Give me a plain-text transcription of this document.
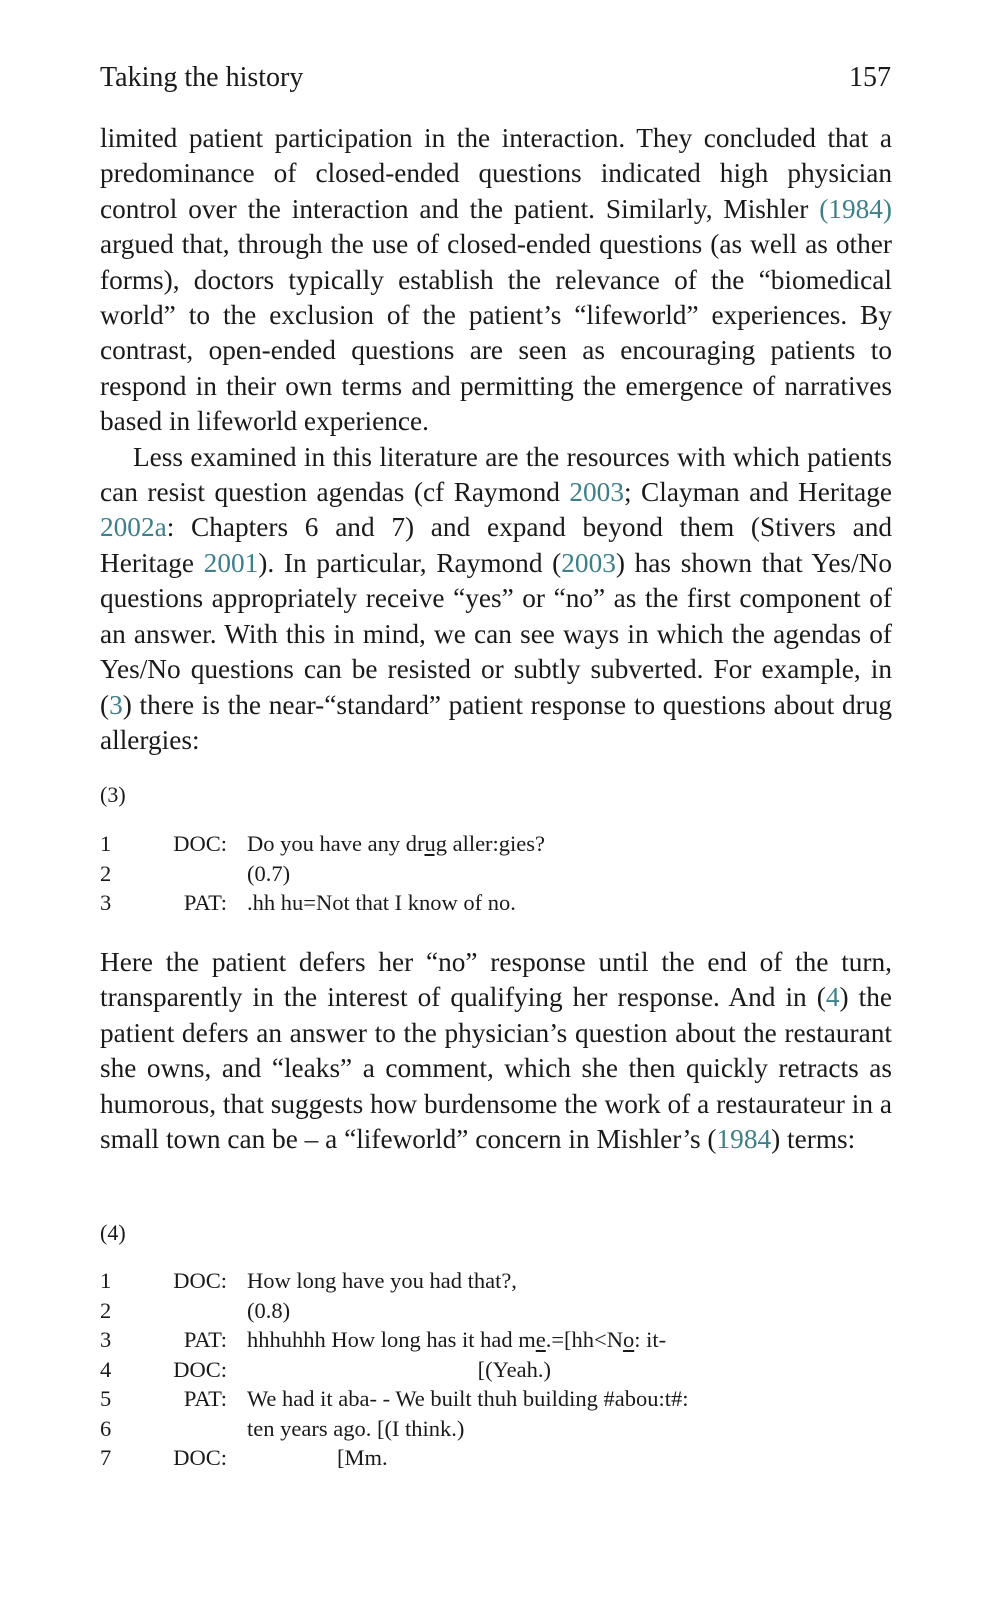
Taking the history	157

limited patient participation in the interaction. They concluded that a predominance of closed-ended questions indicated high physician control over the interaction and the patient. Similarly, Mishler (1984) argued that, through the use of closed-ended questions (as well as other forms), doctors typically establish the relevance of the “biomedical world” to the exclusion of the patient’s “lifeworld” experiences. By contrast, open-ended questions are seen as encouraging patients to respond in their own terms and permitting the emergence of narratives based in lifeworld experience.

Less examined in this literature are the resources with which patients can resist question agendas (cf Raymond 2003; Clayman and Heritage 2002a: Chapters 6 and 7) and expand beyond them (Stivers and Heritage 2001). In particular, Raymond (2003) has shown that Yes/No questions appropriately receive “yes” or “no” as the first component of an answer. With this in mind, we can see ways in which the agendas of Yes/No questions can be resisted or subtly subverted. For example, in (3) there is the near-“standard” patient response to questions about drug allergies:

(3)
1	DOC: Do you have any drug aller:gies?
2	(0.7)
3	PAT: .hh hu=Not that I know of no.

Here the patient defers her “no” response until the end of the turn, transparently in the interest of qualifying her response. And in (4) the patient defers an answer to the physician’s question about the restaurant she owns, and “leaks” a comment, which she then quickly retracts as humorous, that suggests how burdensome the work of a restaurateur in a small town can be – a “lifeworld” concern in Mishler’s (1984) terms:

(4)
1	DOC: How long have you had that?,
2	(0.8)
3	PAT: hhhuhhh How long has it had me.=[hh<No: it-
4	DOC: [(Yeah.)
5	PAT: We had it aba- - We built thuh building #abou:t#:
6	ten years ago. [(I think.)
7	DOC: [Mm.
